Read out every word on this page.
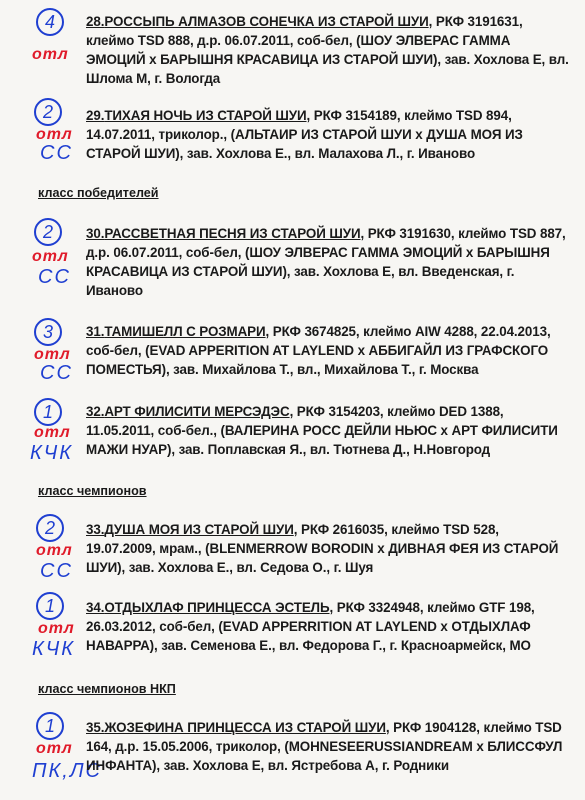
4
отл
28.РОССЫПЬ АЛМАЗОВ СОНЕЧКА ИЗ СТАРОЙ ШУИ, РКФ 3191631, клеймо TSD 888, д.р. 06.07.2011, соб-бел, (ШОУ ЭЛВЕРАС ГАММА ЭМОЦИЙ х БАРЫШНЯ КРАСАВИЦА ИЗ СТАРОЙ ШУИ), зав. Хохлова Е, вл. Шлома М, г. Вологда
2
отл
СС
29.ТИХАЯ НОЧЬ ИЗ СТАРОЙ ШУИ, РКФ 3154189, клеймо TSD 894, 14.07.2011, триколор., (АЛЬТАИР ИЗ СТАРОЙ ШУИ х ДУША МОЯ ИЗ СТАРОЙ ШУИ), зав. Хохлова Е., вл. Малахова Л., г. Иваново
класс победителей
2
отл
СС
30.РАССВЕТНАЯ ПЕСНЯ ИЗ СТАРОЙ ШУИ, РКФ 3191630, клеймо TSD 887, д.р. 06.07.2011, соб-бел, (ШОУ ЭЛВЕРАС ГАММА ЭМОЦИЙ х БАРЫШНЯ КРАСАВИЦА ИЗ СТАРОЙ ШУИ), зав. Хохлова Е, вл. Введенская, г. Иваново
3
отл
СС
31.ТАМИШЕЛЛ С РОЗМАРИ, РКФ 3674825, клеймо AIW 4288, 22.04.2013, соб-бел, (EVAD APPERITION AT LAYLEND х АББИГАЙЛ ИЗ ГРАФСКОГО ПОМЕСТЬЯ), зав. Михайлова Т., вл., Михайлова Т., г. Москва
1
отл
КЧК
32.АРТ ФИЛИСИТИ МЕРСЭДЭС, РКФ 3154203, клеймо DED 1388, 11.05.2011, соб-бел., (ВАЛЕРИНА РОСС ДЕЙЛИ НЬЮС х АРТ ФИЛИСИТИ МАЖИ НУАР), зав. Поплавская Я., вл. Тютнева Д., Н.Новгород
класс чемпионов
2
отл
СС
33.ДУША МОЯ ИЗ СТАРОЙ ШУИ, РКФ 2616035, клеймо TSD 528, 19.07.2009, мрам., (BLENMERROW BORODIN х ДИВНАЯ ФЕЯ ИЗ СТАРОЙ ШУИ), зав. Хохлова Е., вл. Седова О., г. Шуя
1
отл
КЧК
34.ОТДЫХЛАФ ПРИНЦЕССА ЭСТЕЛЬ, РКФ 3324948, клеймо GTF 198, 26.03.2012, соб-бел, (EVAD APPERRITION AT LAYLEND х ОТДЫХЛАФ НАВАРРА), зав. Семенова Е., вл. Федорова Г., г. Красноармейск, МО
класс чемпионов НКП
1
отл
ПК,ЛС
35.ЖОЗЕФИНА ПРИНЦЕССА ИЗ СТАРОЙ ШУИ, РКФ 1904128, клеймо TSD 164, д.р. 15.05.2006, триколор, (MOHNESEERUSSIANDREAM х БЛИССФУЛ ИНФАНТА), зав. Хохлова Е, вл. Ястребова А, г. Родники
